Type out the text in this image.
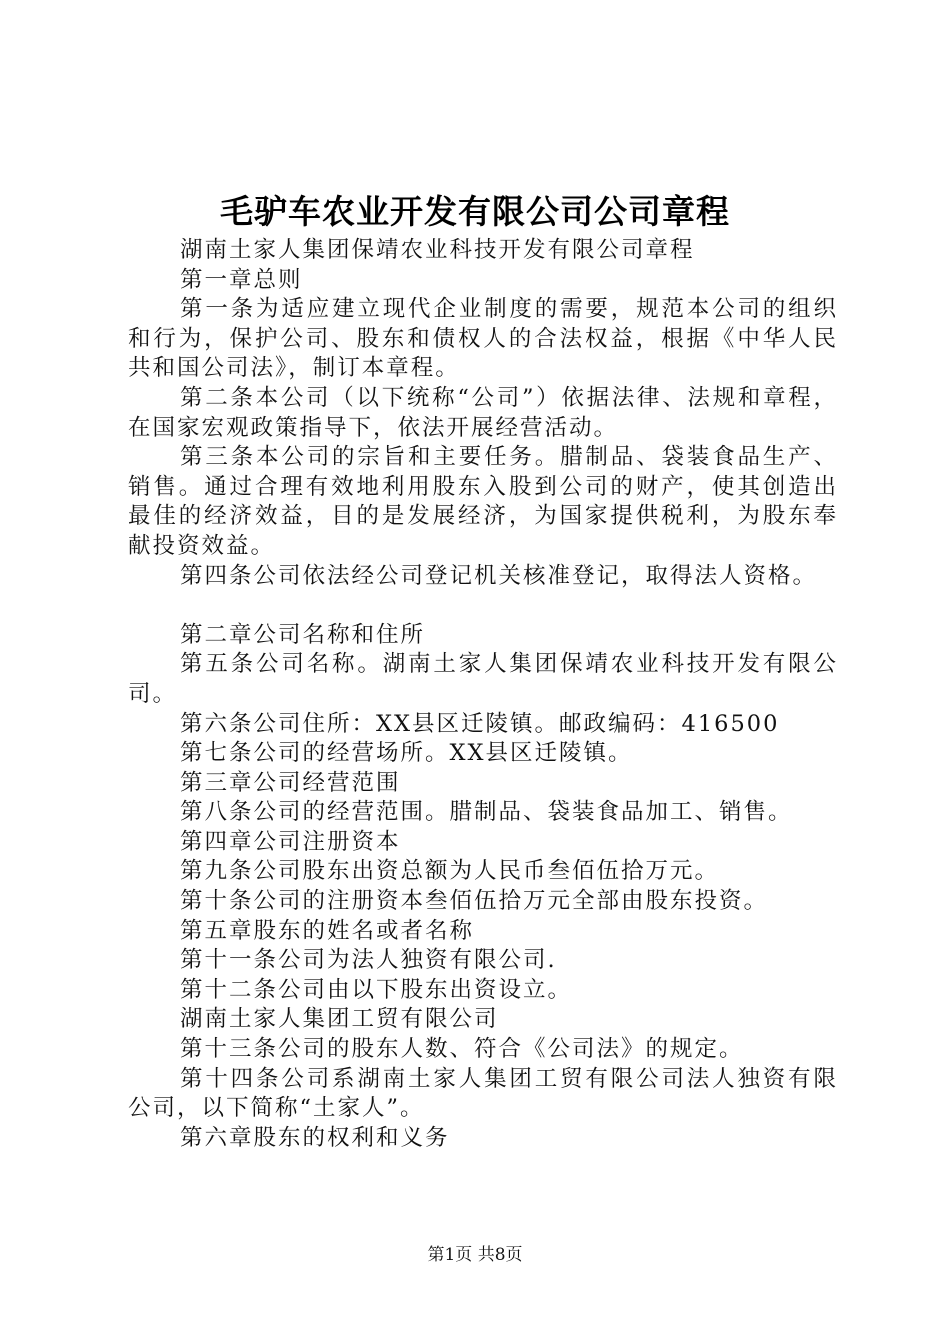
毛驴车农业开发有限公司公司章程

湖南土家人集团保靖农业科技开发有限公司章程

第一章总则

第一条为适应建立现代企业制度的需要，规范本公司的组织和行为，保护公司、股东和债权人的合法权益，根据《中华人民共和国公司法》，制订本章程。

第二条本公司（以下统称“公司”）依据法律、法规和章程，在国家宏观政策指导下，依法开展经营活动。

第三条本公司的宗旨和主要任务。腊制品、袋装食品生产、销售。通过合理有效地利用股东入股到公司的财产，使其创造出最佳的经济效益，目的是发展经济，为国家提供税利，为股东奉献投资效益。

第四条公司依法经公司登记机关核准登记，取得法人资格。

第二章公司名称和住所

第五条公司名称。湖南土家人集团保靖农业科技开发有限公司。

第六条公司住所：XX县区迁陵镇。邮政编码：416500

第七条公司的经营场所。XX县区迁陵镇。

第三章公司经营范围

第八条公司的经营范围。腊制品、袋装食品加工、销售。

第四章公司注册资本

第九条公司股东出资总额为人民币叁佰伍拾万元。

第十条公司的注册资本叁佰伍拾万元全部由股东投资。

第五章股东的姓名或者名称

第十一条公司为法人独资有限公司.

第十二条公司由以下股东出资设立。

湖南土家人集团工贸有限公司

第十三条公司的股东人数、符合《公司法》的规定。

第十四条公司系湖南土家人集团工贸有限公司法人独资有限公司，以下简称“土家人”。

第六章股东的权利和义务

第1页 共8页
